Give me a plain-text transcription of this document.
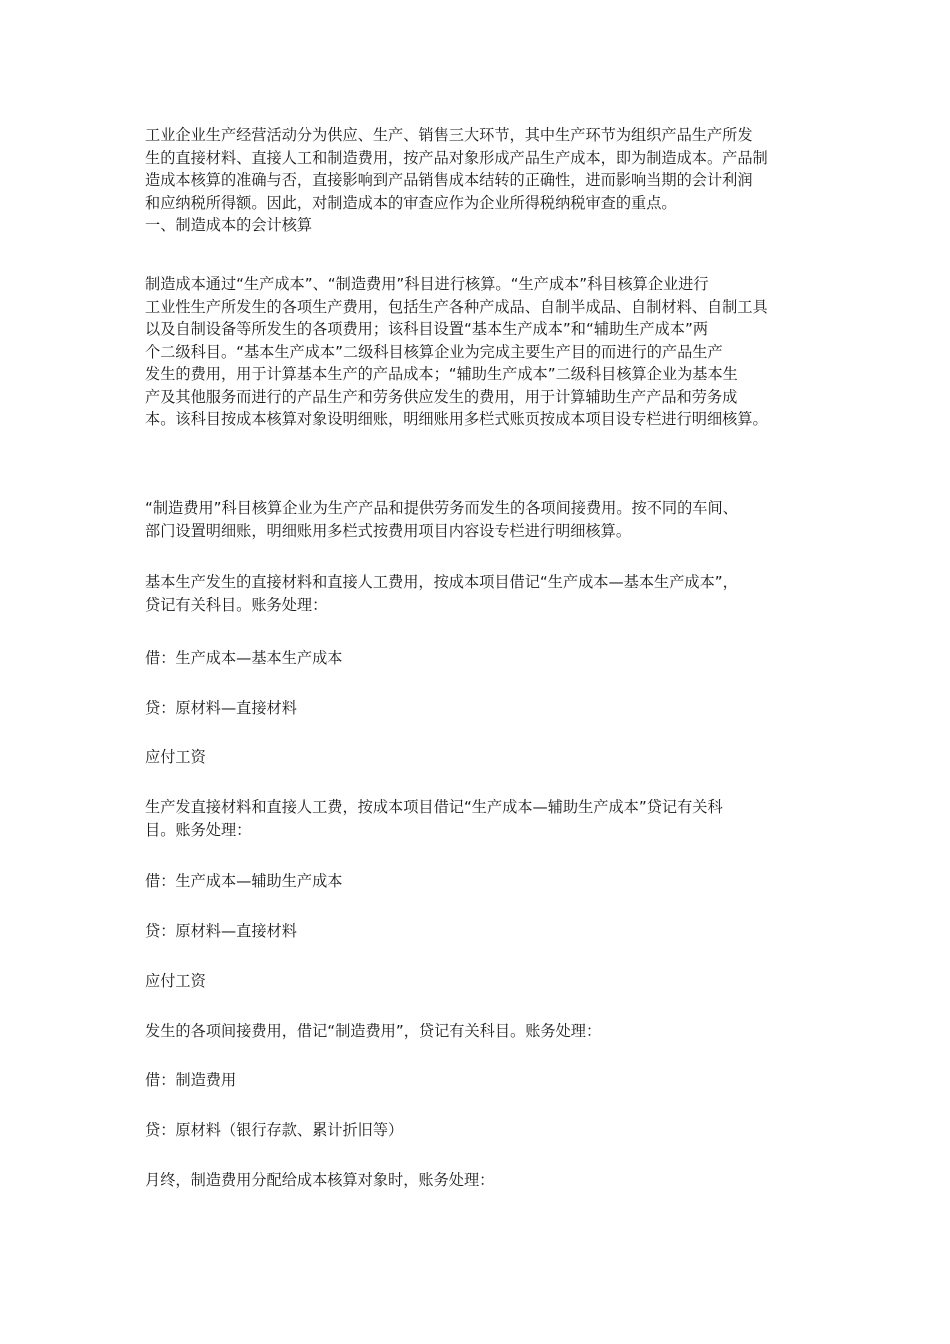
工业企业生产经营活动分为供应、生产、销售三大环节，其中生产环节为组织产品生产所发
生的直接材料、直接人工和制造费用，按产品对象形成产品生产成本，即为制造成本。产品制
造成本核算的准确与否，直接影响到产品销售成本结转的正确性，进而影响当期的会计利润
和应纳税所得额。因此，对制造成本的审查应作为企业所得税纳税审查的重点。
一、制造成本的会计核算
制造成本通过“生产成本”、“制造费用”科目进行核算。“生产成本”科目核算企业进行
工业性生产所发生的各项生产费用，包括生产各种产成品、自制半成品、自制材料、自制工具
以及自制设备等所发生的各项费用；该科目设置“基本生产成本”和“辅助生产成本”两
个二级科目。“基本生产成本”二级科目核算企业为完成主要生产目的而进行的产品生产
发生的费用，用于计算基本生产的产品成本；“辅助生产成本”二级科目核算企业为基本生
产及其他服务而进行的产品生产和劳务供应发生的费用，用于计算辅助生产产品和劳务成
本。该科目按成本核算对象设明细账，明细账用多栏式账页按成本项目设专栏进行明细核算。
“制造费用”科目核算企业为生产产品和提供劳务而发生的各项间接费用。按不同的车间、
部门设置明细账，明细账用多栏式按费用项目内容设专栏进行明细核算。
基本生产发生的直接材料和直接人工费用，按成本项目借记“生产成本—基本生产成本”，
贷记有关科目。账务处理：
借：生产成本—基本生产成本
贷：原材料—直接材料
应付工资
生产发直接材料和直接人工费，按成本项目借记“生产成本—辅助生产成本”贷记有关科
目。账务处理：
借：生产成本—辅助生产成本
贷：原材料—直接材料
应付工资
发生的各项间接费用，借记“制造费用”，贷记有关科目。账务处理：
借：制造费用
贷：原材料（银行存款、累计折旧等）
月终，制造费用分配给成本核算对象时，账务处理：
